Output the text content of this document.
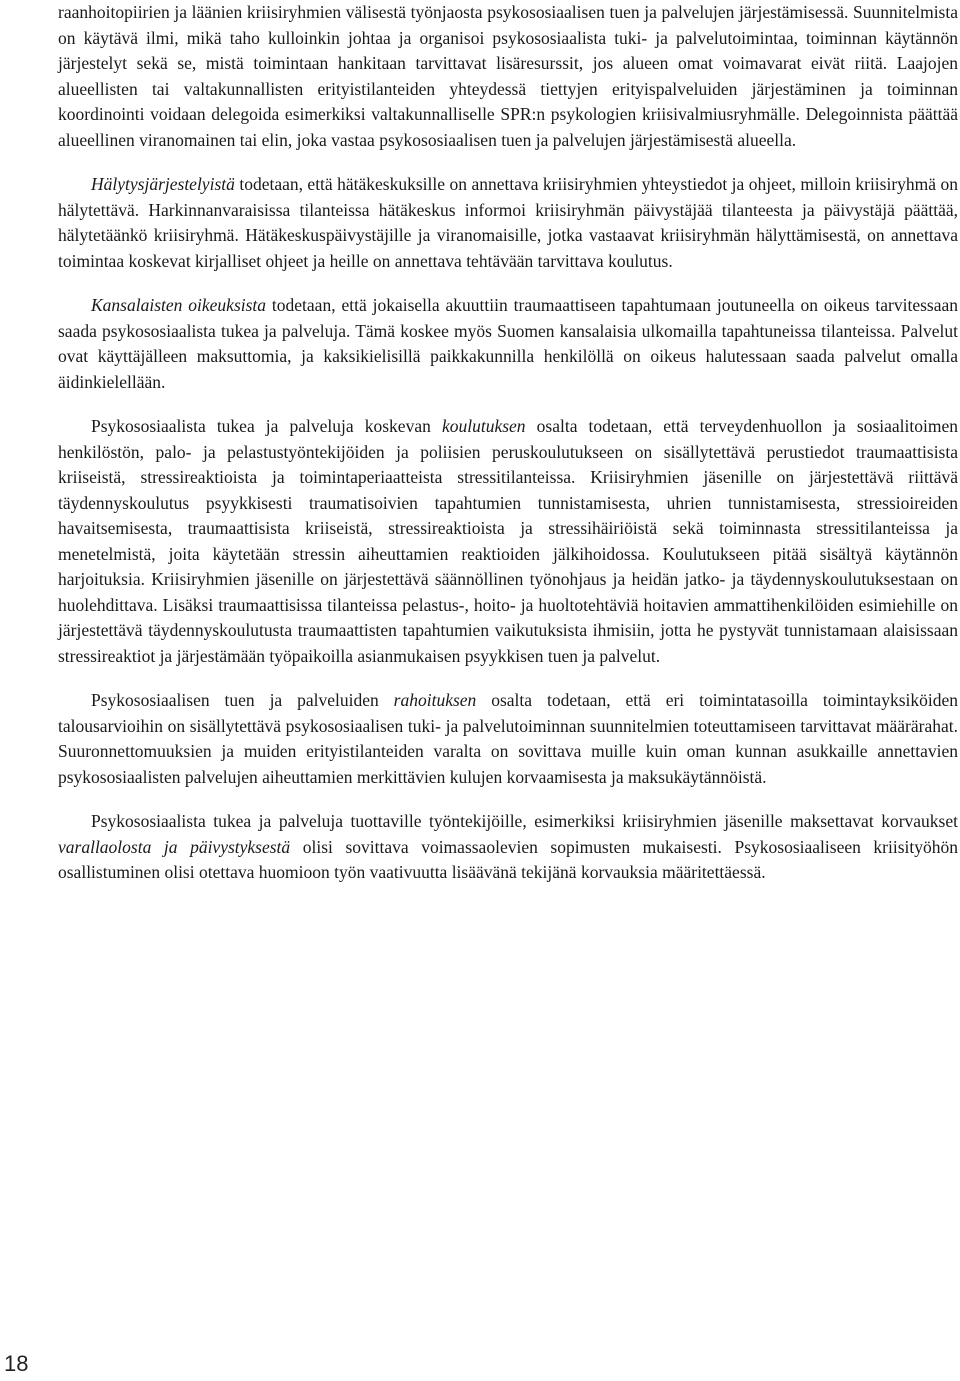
raanhoitopiirien ja läänien kriisiryhmien välisestä työnjaosta psykososiaalisen tuen ja palvelujen järjestämisessä. Suunnitelmista on käytävä ilmi, mikä taho kulloinkin johtaa ja organisoi psykososiaalista tuki- ja palvelutoimintaa, toiminnan käytännön järjestelyt sekä se, mistä toimintaan hankitaan tarvittavat lisäresurssit, jos alueen omat voimavarat eivät riitä. Laajojen alueellisten tai valtakunnallisten erityistilanteiden yhteydessä tiettyjen erityispalveluiden järjestäminen ja toiminnan koordinointi voidaan delegoida esimerkiksi valtakunnalliselle SPR:n psykologien kriisivalmiusryhmälle. Delegoinnista päättää alueellinen viranomainen tai elin, joka vastaa psykososiaalisen tuen ja palvelujen järjestämisestä alueella.

Hälytysjärjestelyistä todetaan, että hätäkeskuksille on annettava kriisiryhmien yhteystiedot ja ohjeet, milloin kriisiryhmä on hälytettävä. Harkinnanvaraisissa tilanteissa hätäkeskus informoi kriisiryhmän päivystäjää tilanteesta ja päivystäjä päättää, hälytetäänkö kriisiryhmä. Hätäkeskuspäivystäjille ja viranomaisille, jotka vastaavat kriisiryhmän hälyttämisestä, on annettava toimintaa koskevat kirjalliset ohjeet ja heille on annettava tehtävään tarvittava koulutus.

Kansalaisten oikeuksista todetaan, että jokaisella akuuttiin traumaattiseen tapahtumaan joutuneella on oikeus tarvitessaan saada psykososiaalista tukea ja palveluja. Tämä koskee myös Suomen kansalaisia ulkomailla tapahtuneissa tilanteissa. Palvelut ovat käyttäjälleen maksuttomia, ja kaksikielisillä paikkakunnilla henkilöllä on oikeus halutessaan saada palvelut omalla äidinkielellään.

Psykososiaalista tukea ja palveluja koskevan koulutuksen osalta todetaan, että terveydenhuollon ja sosiaalitoimen henkilöstön, palo- ja pelastustyöntekijöiden ja poliisien peruskoulutukseen on sisällytettävä perustiedot traumaattisista kriiseistä, stressireaktioista ja toimintaperiaatteista stressitilanteissa. Kriisiryhmien jäsenille on järjestettävä riittävä täydennyskoulutus psyykkisesti traumatisoivien tapahtumien tunnistamisesta, uhrien tunnistamisesta, stressioireiden havaitsemisesta, traumaattisista kriiseistä, stressireaktioista ja stressihäiriöistä sekä toiminnasta stressitilanteissa ja menetelmistä, joita käytetään stressin aiheuttamien reaktioiden jälkihoidossa. Koulutukseen pitää sisältyä käytännön harjoituksia. Kriisiryhmien jäsenille on järjestettävä säännöllinen työnohjaus ja heidän jatko- ja täydennyskoulutuksestaan on huolehdittava. Lisäksi traumaattisissa tilanteissa pelastus-, hoito- ja huoltotehtäviä hoitavien ammattihenkilöiden esimiehille on järjestettävä täydennyskoulutusta traumaattisten tapahtumien vaikutuksista ihmisiin, jotta he pystyvät tunnistamaan alaisissaan stressireaktiot ja järjestämään työpaikoilla asianmukaisen psyykkisen tuen ja palvelut.

Psykososiaalisen tuen ja palveluiden rahoituksen osalta todetaan, että eri toimintatasoilla toimintayksiköiden talousarvioihin on sisällytettävä psykososiaalisen tuki- ja palvelutoiminnan suunnitelmien toteuttamiseen tarvittavat määrärahat. Suuronnettomuuksien ja muiden erityistilanteiden varalta on sovittava muille kuin oman kunnan asukkaille annettavien psykososiaalisten palvelujen aiheuttamien merkittävien kulujen korvaamisesta ja maksukäytännöistä.

Psykososiaalista tukea ja palveluja tuottaville työntekijöille, esimerkiksi kriisiryhmien jäsenille maksettavat korvaukset varallaolosta ja päivystyksestä olisi sovittava voimassaolevien sopimusten mukaisesti. Psykososiaaliseen kriisityöhön osallistuminen olisi otettava huomioon työn vaativuutta lisäävänä tekijänä korvauksia määritettäessä.

18
